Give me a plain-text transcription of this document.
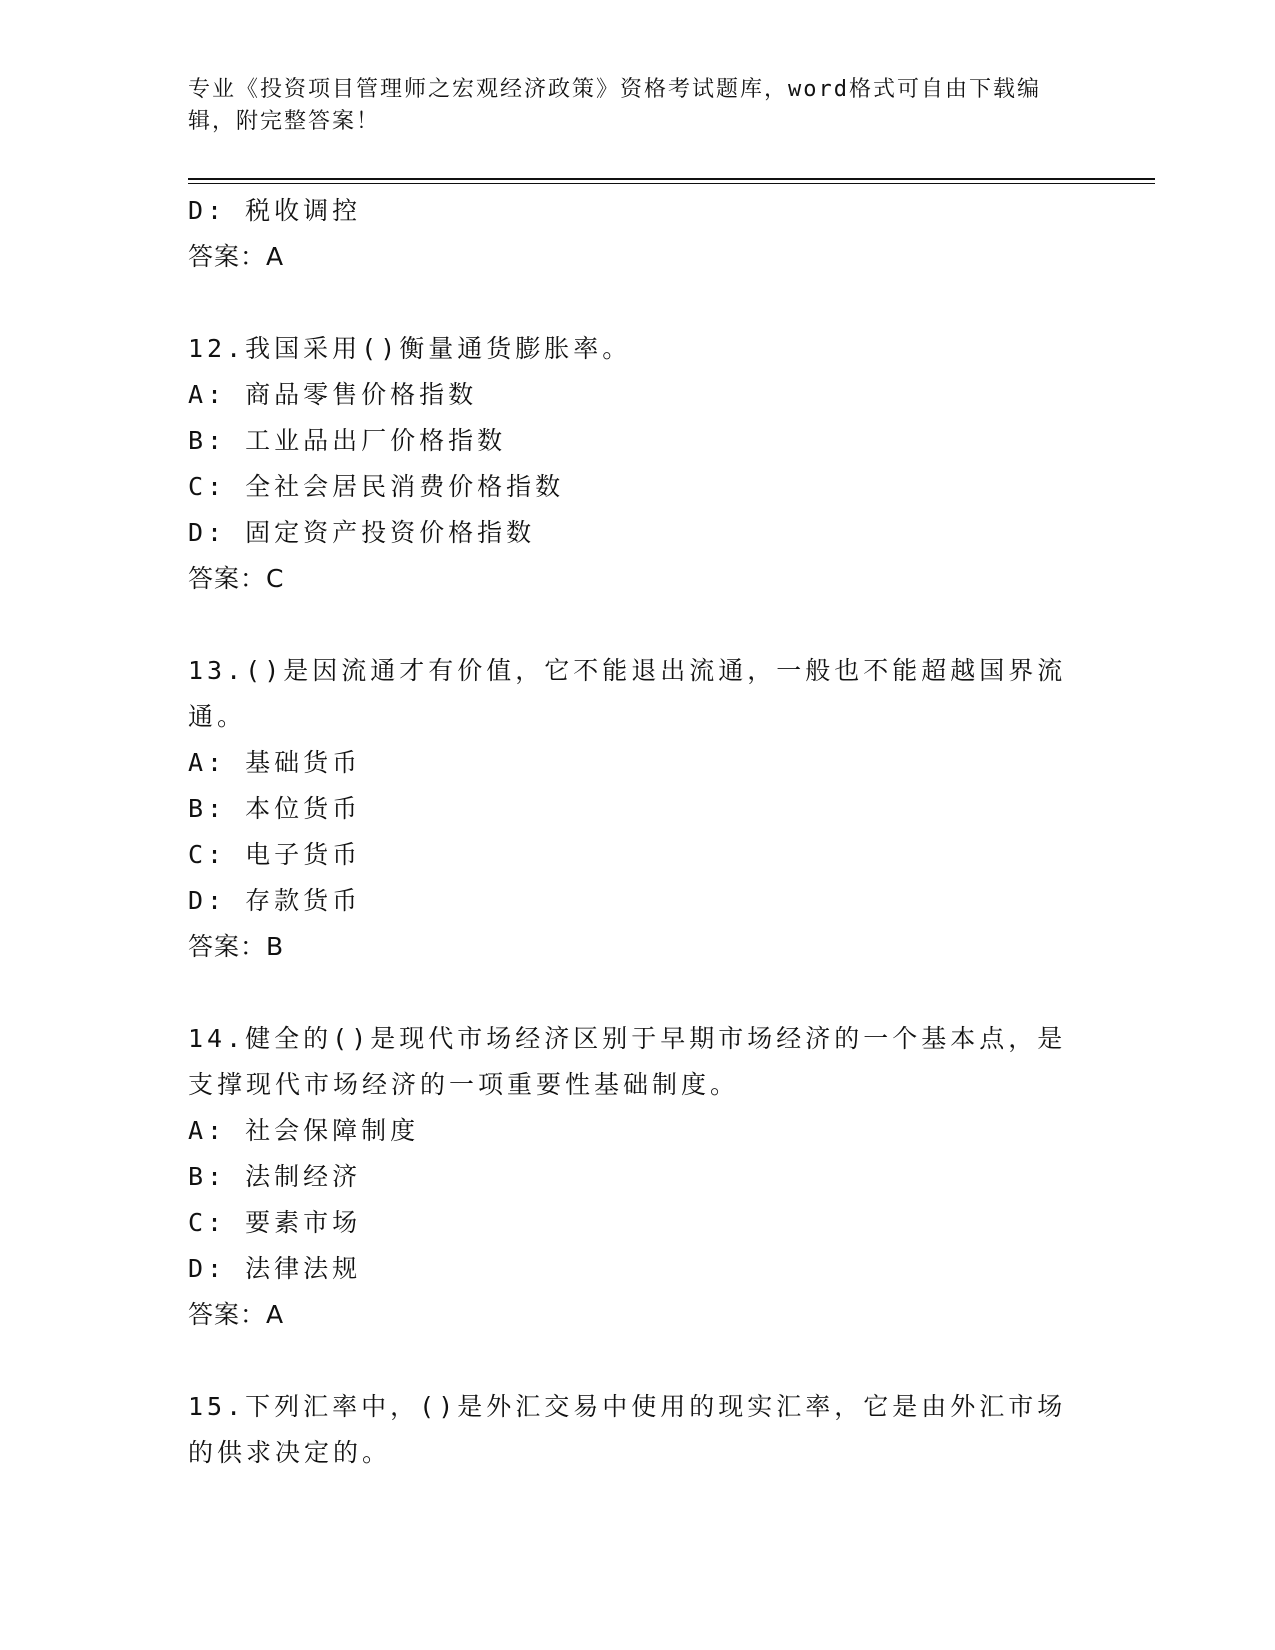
专业《投资项目管理师之宏观经济政策》资格考试题库，word格式可自由下载编辑，附完整答案！
D: 税收调控
答案：A
12.我国采用()衡量通货膨胀率。
A: 商品零售价格指数
B: 工业品出厂价格指数
C: 全社会居民消费价格指数
D: 固定资产投资价格指数
答案：C
13.()是因流通才有价值，它不能退出流通，一般也不能超越国界流通。
A: 基础货币
B: 本位货币
C: 电子货币
D: 存款货币
答案：B
14.健全的()是现代市场经济区别于早期市场经济的一个基本点，是支撑现代市场经济的一项重要性基础制度。
A: 社会保障制度
B: 法制经济
C: 要素市场
D: 法律法规
答案：A
15.下列汇率中，()是外汇交易中使用的现实汇率，它是由外汇市场的供求决定的。
